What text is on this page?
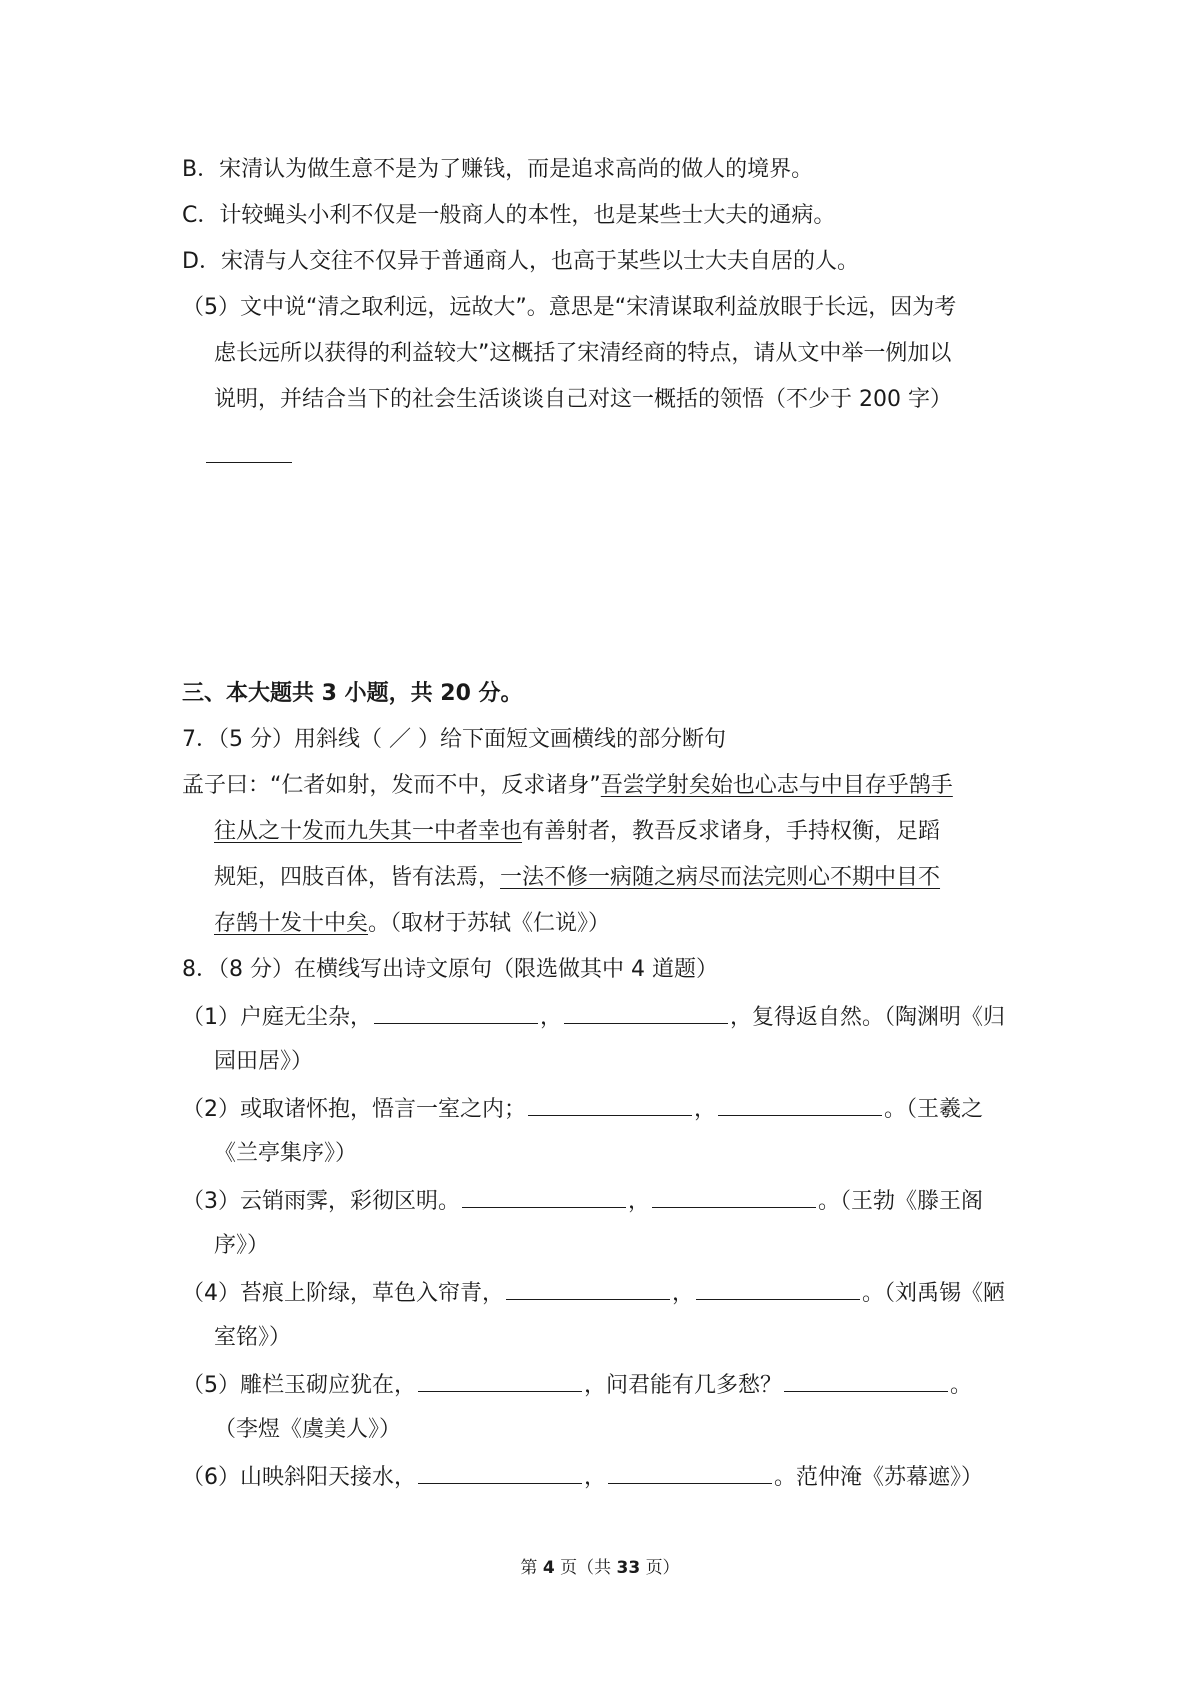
B．宋清认为做生意不是为了赚钱，而是追求高尚的做人的境界。
C．计较蝇头小利不仅是一般商人的本性，也是某些士大夫的通病。
D．宋清与人交往不仅异于普通商人，也高于某些以士大夫自居的人。
（5）文中说“清之取利远，远故大”。意思是“宋清谋取利益放眼于长远，因为考
虑长远所以获得的利益较大”这概括了宋清经商的特点，请从文中举一例加以
说明，并结合当下的社会生活谈谈自己对这一概括的领悟（不少于 200 字）
三、本大题共 3 小题，共 20 分。
7．（5 分）用斜线（ ／ ）给下面短文画横线的部分断句
孟子曰：“仁者如射，发而不中，反求诸身”吾尝学射矣始也心志与中目存乎鹄手
往从之十发而九失其一中者幸也有善射者，教吾反求诸身，手持权衡，足蹈
规矩，四肢百体，皆有法焉，一法不修一病随之病尽而法完则心不期中目不
存鹄十发十中矣。（取材于苏轼《仁说》）
8．（8 分）在横线写出诗文原句（限选做其中 4 道题）
（1）户庭无尘杂，	，	，复得返自然。（陶渊明《归
园田居》）
（2）或取诸怀抱，悟言一室之内；	，	。（王羲之
《兰亭集序》）
（3）云销雨霁，彩彻区明。	，	。（王勃《滕王阁
序》）
（4）苔痕上阶绿，草色入帘青，	，	。（刘禹锡《陋
室铭》）
（5）雕栏玉砌应犹在，	，问君能有几多愁？	。
（李煜《虞美人》）
（6）山映斜阳天接水，	，	。范仲淹《苏幕遮》）
第 4 页（共 33 页）
